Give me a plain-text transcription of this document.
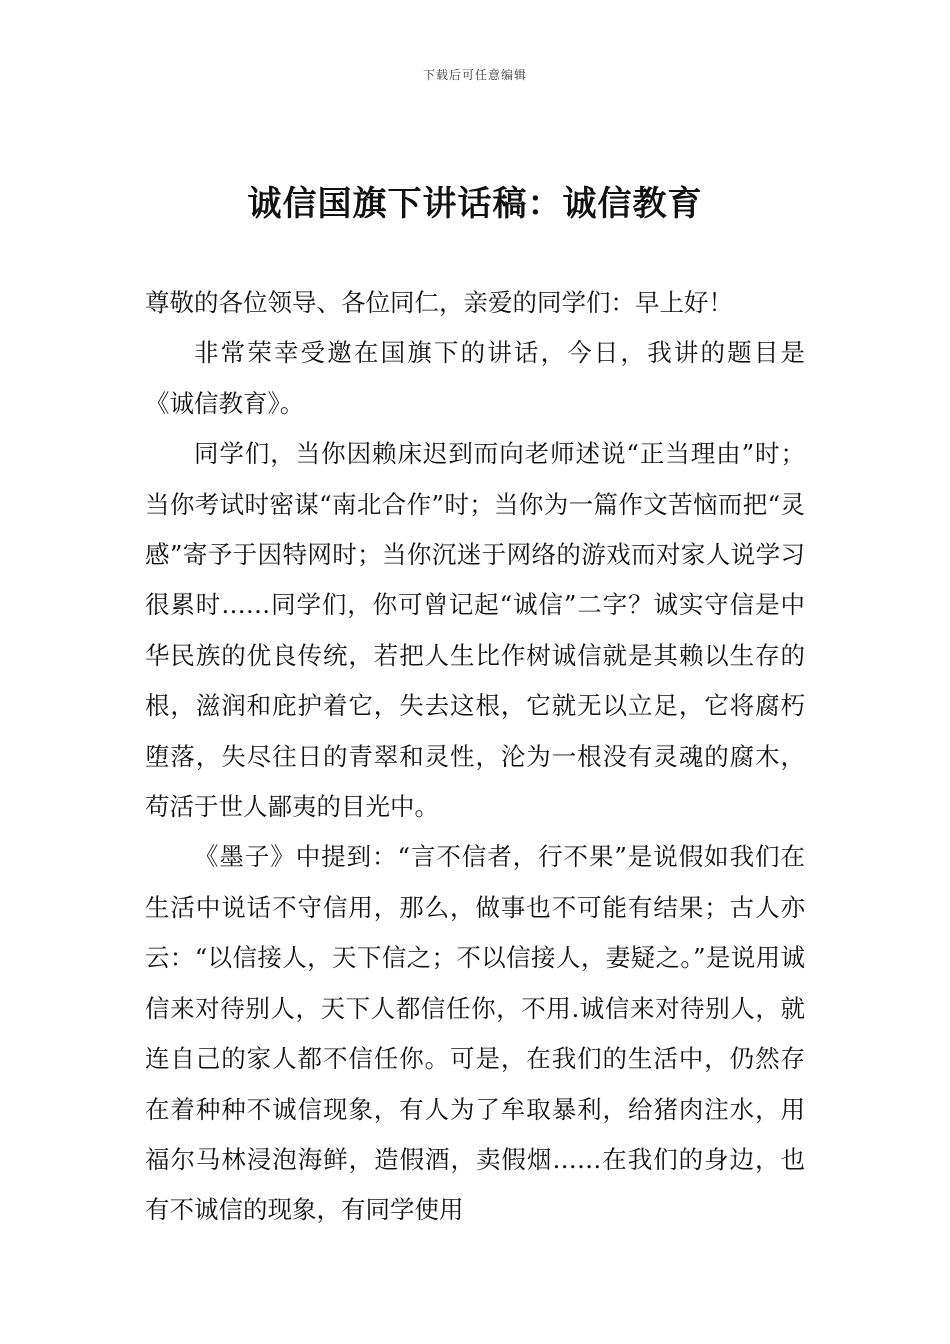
下载后可任意编辑
诚信国旗下讲话稿：诚信教育

尊敬的各位领导、各位同仁，亲爱的同学们：早上好！

非常荣幸受邀在国旗下的讲话，今日，我讲的题目是《诚信教育》。

同学们，当你因赖床迟到而向老师述说“正当理由”时；当你考试时密谋“南北合作”时；当你为一篇作文苦恼而把“灵感”寄予于因特网时；当你沉迷于网络的游戏而对家人说学习很累时……同学们，你可曾记起“诚信”二字？诚实守信是中华民族的优良传统，若把人生比作树诚信就是其赖以生存的根，滋润和庇护着它，失去这根，它就无以立足，它将腐朽堕落，失尽往日的青翠和灵性，沦为一根没有灵魂的腐木，苟活于世人鄙夷的目光中。

《墨子》中提到：“言不信者，行不果”是说假如我们在生活中说话不守信用，那么，做事也不可能有结果；古人亦云：“以信接人，天下信之；不以信接人，妻疑之。”是说用诚信来对待别人，天下人都信任你，不用.诚信来对待别人，就连自己的家人都不信任你。可是，在我们的生活中，仍然存在着种种不诚信现象，有人为了牟取暴利，给猪肉注水，用福尔马林浸泡海鲜，造假酒，卖假烟……在我们的身边，也有不诚信的现象，有同学使用
